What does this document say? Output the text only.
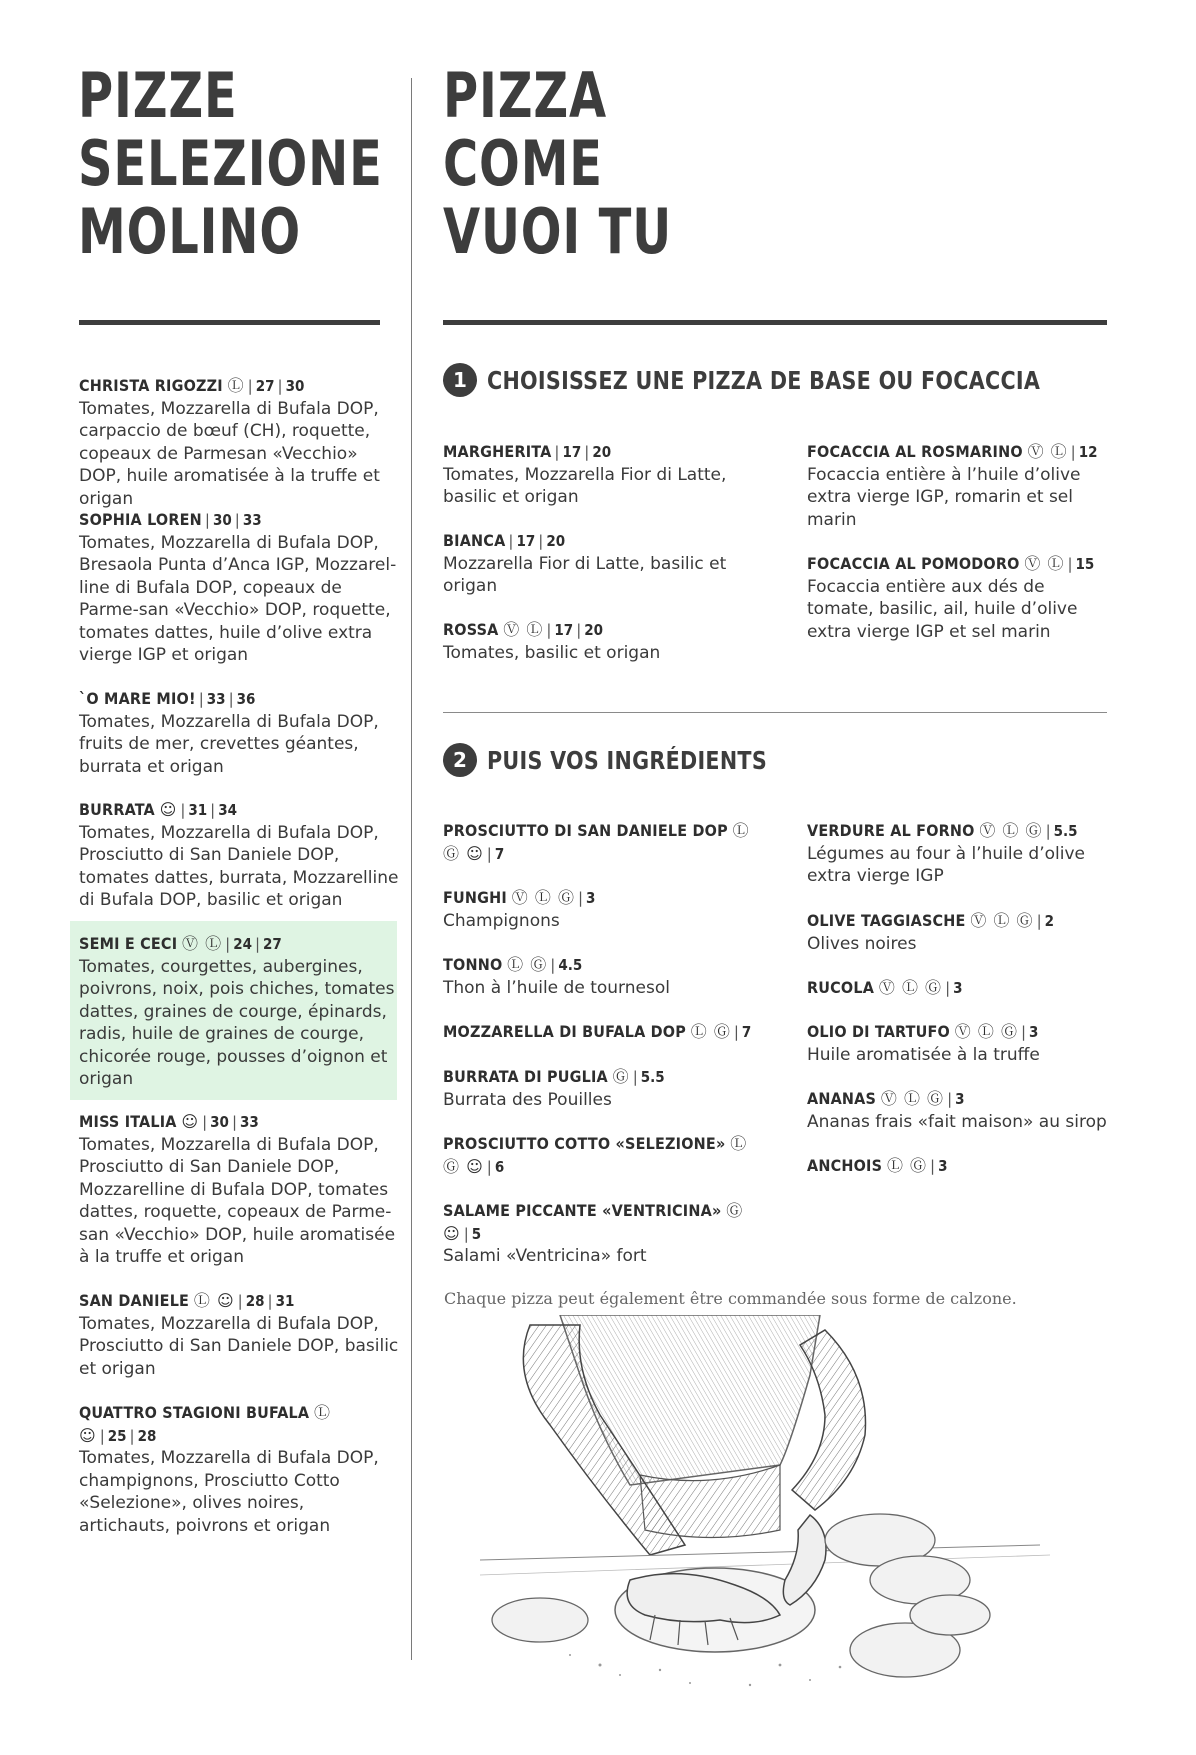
PIZZE
SELEZIONE
MOLINO
PIZZA
COME
VUOI TU
1 CHOISISSEZ UNE PIZZA DE BASE OU FOCACCIA
2 PUIS VOS INGRÉDIENTS
CHRISTA RIGOZZI Ⓛ | 27 | 30
Tomates, Mozzarella di Bufala DOP, carpaccio de bœuf (CH), roquette, copeaux de Parmesan «Vecchio» DOP, huile aromatisée à la truffe et origan
SOPHIA LOREN | 30 | 33
Tomates, Mozzarella di Bufala DOP, Bresaola Punta d’Anca IGP, Mozzarel-line di Bufala DOP, copeaux de Parme-san «Vecchio» DOP, roquette, tomates dattes, huile d’olive extra vierge IGP et origan
`O MARE MIO! | 33 | 36
Tomates, Mozzarella di Bufala DOP, fruits de mer, crevettes géantes, burrata et origan
BURRATA ☺ | 31 | 34
Tomates, Mozzarella di Bufala DOP, Prosciutto di San Daniele DOP, tomates dattes, burrata, Mozzarelline di Bufala DOP, basilic et origan
SEMI E CECI Ⓥ Ⓛ | 24 | 27
Tomates, courgettes, aubergines, poivrons, noix, pois chiches, tomates dattes, graines de courge, épinards, radis, huile de graines de courge, chicorée rouge, pousses d’oignon et origan
MISS ITALIA ☺ | 30 | 33
Tomates, Mozzarella di Bufala DOP, Prosciutto di San Daniele DOP, Mozzarelline di Bufala DOP, tomates dattes, roquette, copeaux de Parme-san «Vecchio» DOP, huile aromatisée à la truffe et origan
SAN DANIELE Ⓛ ☺ | 28 | 31
Tomates, Mozzarella di Bufala DOP, Prosciutto di San Daniele DOP, basilic et origan
QUATTRO STAGIONI BUFALA Ⓛ ☺ | 25 | 28
Tomates, Mozzarella di Bufala DOP, champignons, Prosciutto Cotto «Selezione», olives noires, artichauts, poivrons et origan
MARGHERITA | 17 | 20
Tomates, Mozzarella Fior di Latte, basilic et origan
BIANCA | 17 | 20
Mozzarella Fior di Latte, basilic et origan
ROSSA Ⓥ Ⓛ | 17 | 20
Tomates, basilic et origan
FOCACCIA AL ROSMARINO Ⓥ Ⓛ | 12
Focaccia entière à l’huile d’olive extra vierge IGP, romarin et sel marin
FOCACCIA AL POMODORO Ⓥ Ⓛ | 15
Focaccia entière aux dés de tomate, basilic, ail, huile d’olive extra vierge IGP et sel marin
PROSCIUTTO DI SAN DANIELE DOP Ⓛ Ⓖ ☺ | 7
FUNGHI Ⓥ Ⓛ Ⓖ | 3
Champignons
TONNO Ⓛ Ⓖ | 4.5
Thon à l’huile de tournesol
MOZZARELLA DI BUFALA DOP Ⓛ Ⓖ | 7
BURRATA DI PUGLIA Ⓖ | 5.5
Burrata des Pouilles
PROSCIUTTO COTTO «SELEZIONE» Ⓛ Ⓖ ☺ | 6
SALAME PICCANTE «VENTRICINA» Ⓖ ☺ | 5
Salami «Ventricina» fort
VERDURE AL FORNO Ⓥ Ⓛ Ⓖ | 5.5
Légumes au four à l’huile d’olive extra vierge IGP
OLIVE TAGGIASCHE Ⓥ Ⓛ Ⓖ | 2
Olives noires
RUCOLA Ⓥ Ⓛ Ⓖ | 3
OLIO DI TARTUFO Ⓥ Ⓛ Ⓖ | 3
Huile aromatisée à la truffe
ANANAS Ⓥ Ⓛ Ⓖ | 3
Ananas frais «fait maison» au sirop
ANCHOIS Ⓛ Ⓖ | 3
Chaque pizza peut également être commandée sous forme de calzone.
